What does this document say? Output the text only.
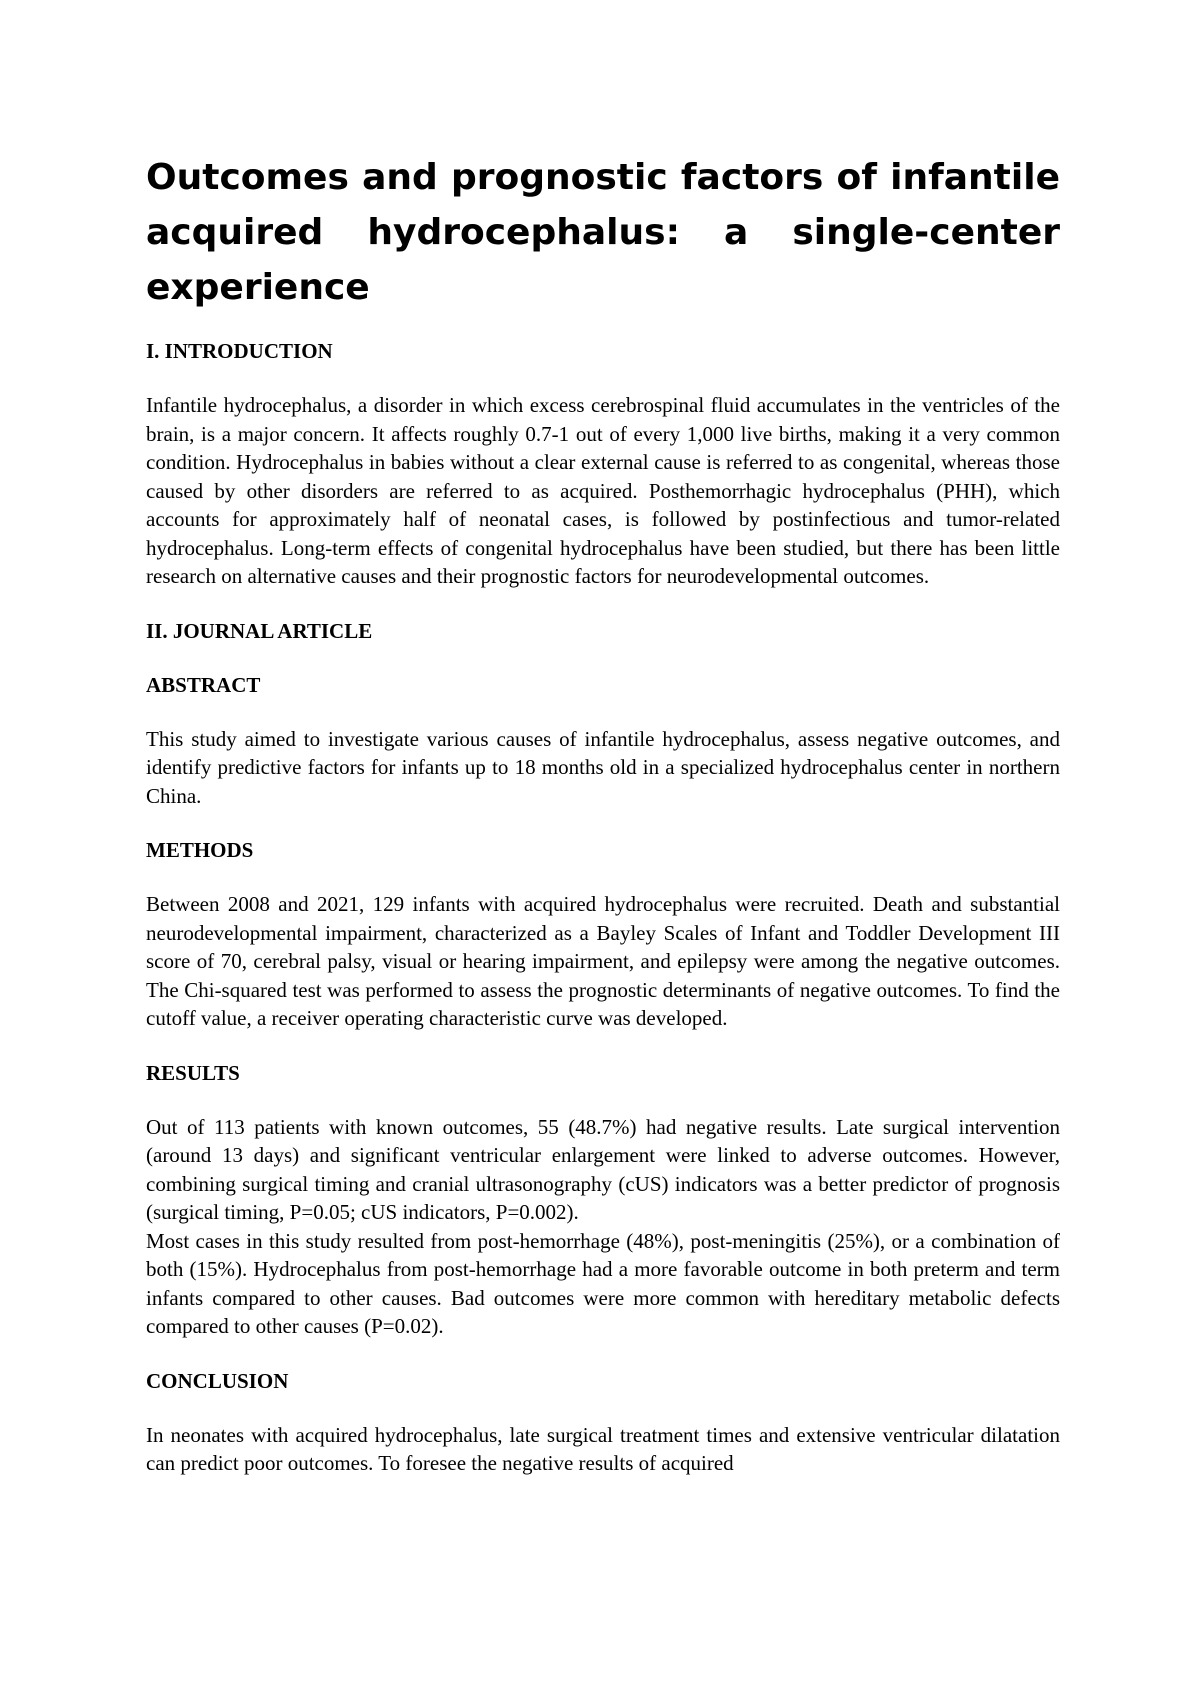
Outcomes and prognostic factors of infantile acquired hydrocephalus: a single-center experience
I. INTRODUCTION

Infantile hydrocephalus, a disorder in which excess cerebrospinal fluid accumulates in the ventricles of the brain, is a major concern. It affects roughly 0.7-1 out of every 1,000 live births, making it a very common condition. Hydrocephalus in babies without a clear external cause is referred to as congenital, whereas those caused by other disorders are referred to as acquired. Posthemorrhagic hydrocephalus (PHH), which accounts for approximately half of neonatal cases, is followed by postinfectious and tumor-related hydrocephalus. Long-term effects of congenital hydrocephalus have been studied, but there has been little research on alternative causes and their prognostic factors for neurodevelopmental outcomes.

II. JOURNAL ARTICLE
ABSTRACT

This study aimed to investigate various causes of infantile hydrocephalus, assess negative outcomes, and identify predictive factors for infants up to 18 months old in a specialized hydrocephalus center in northern China.

METHODS

Between 2008 and 2021, 129 infants with acquired hydrocephalus were recruited. Death and substantial neurodevelopmental impairment, characterized as a Bayley Scales of Infant and Toddler Development III score of 70, cerebral palsy, visual or hearing impairment, and epilepsy were among the negative outcomes. The Chi-squared test was performed to assess the prognostic determinants of negative outcomes. To find the cutoff value, a receiver operating characteristic curve was developed.

RESULTS

Out of 113 patients with known outcomes, 55 (48.7%) had negative results. Late surgical intervention (around 13 days) and significant ventricular enlargement were linked to adverse outcomes. However, combining surgical timing and cranial ultrasonography (cUS) indicators was a better predictor of prognosis (surgical timing, P=0.05; cUS indicators, P=0.002).

Most cases in this study resulted from post-hemorrhage (48%), post-meningitis (25%), or a combination of both (15%). Hydrocephalus from post-hemorrhage had a more favorable outcome in both preterm and term infants compared to other causes. Bad outcomes were more common with hereditary metabolic defects compared to other causes (P=0.02).

CONCLUSION

In neonates with acquired hydrocephalus, late surgical treatment times and extensive ventricular dilatation can predict poor outcomes. To foresee the negative results of acquired
